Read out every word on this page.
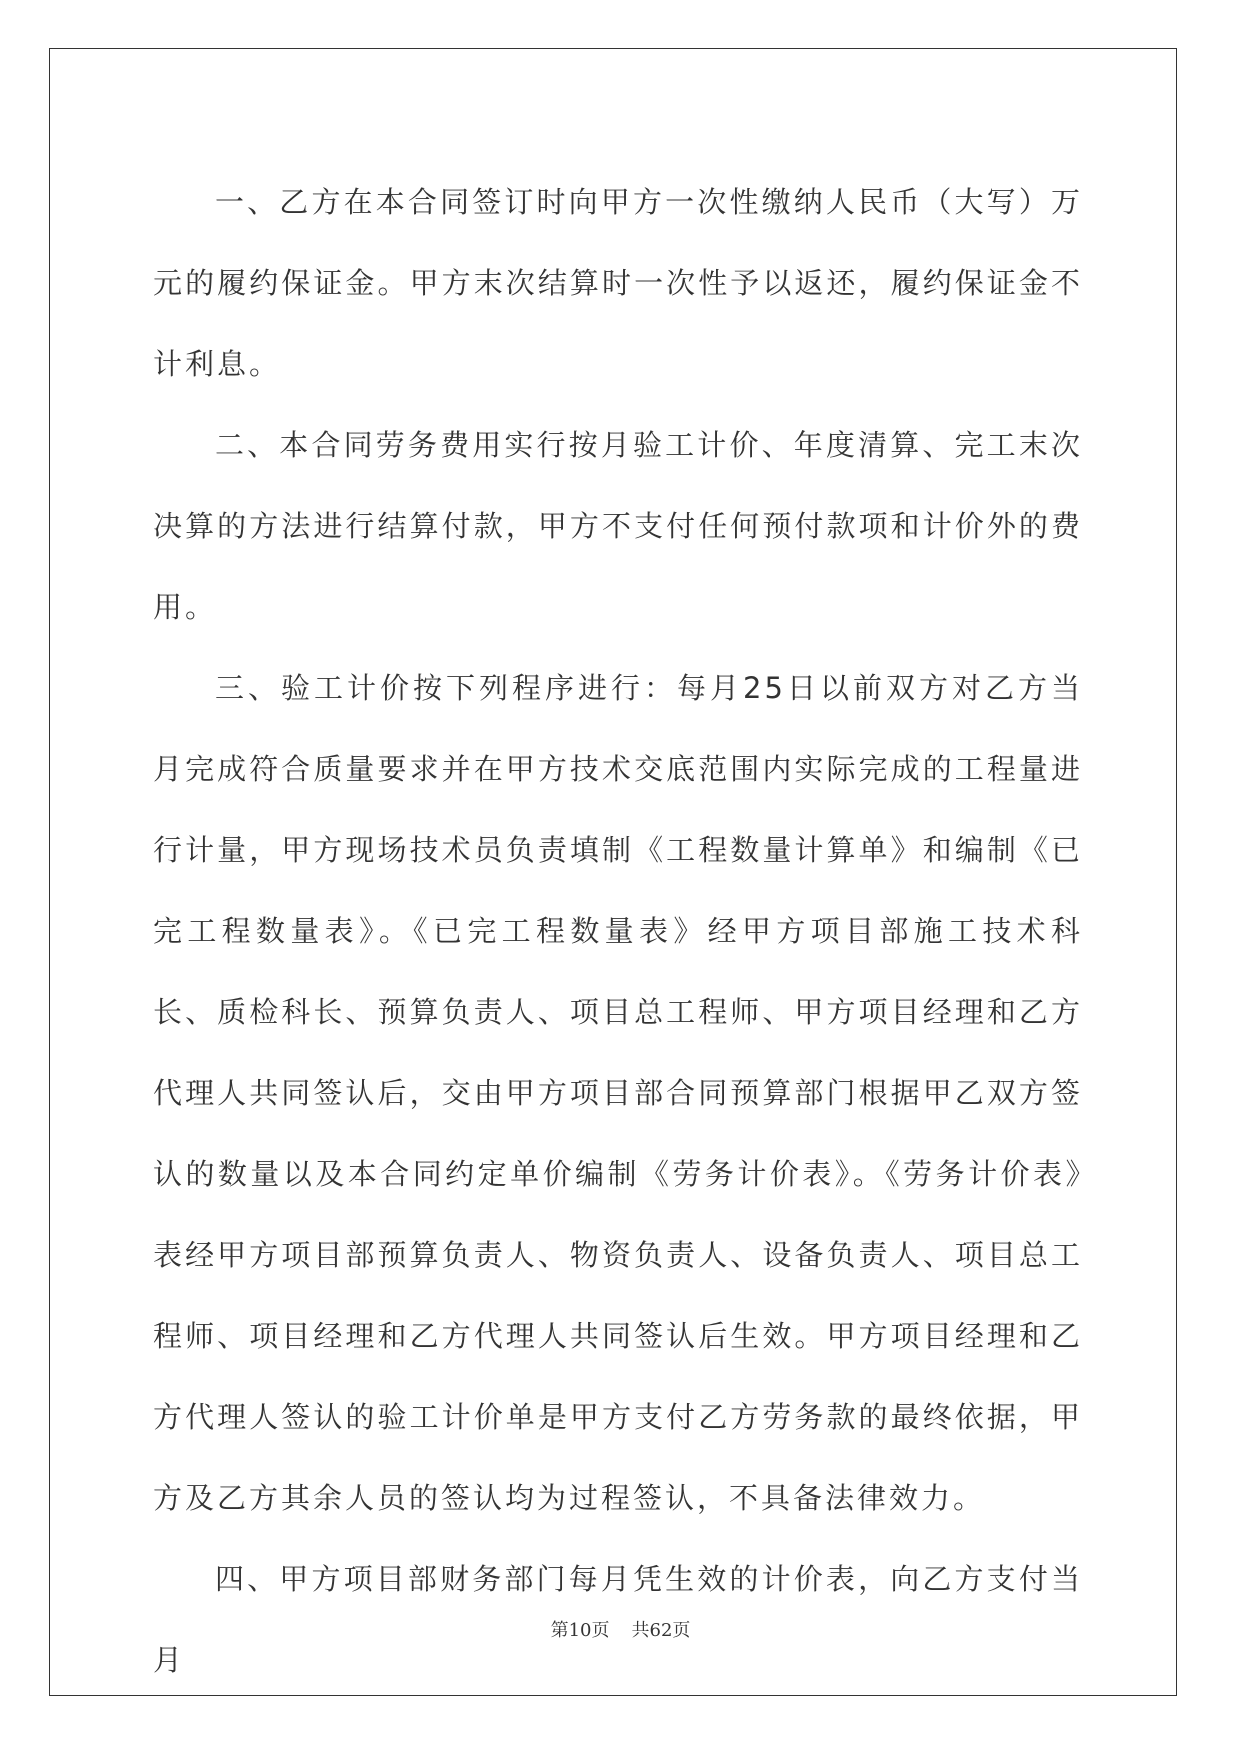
一、乙方在本合同签订时向甲方一次性缴纳人民币（大写）万元的履约保证金。甲方末次结算时一次性予以返还，履约保证金不计利息。

二、本合同劳务费用实行按月验工计价、年度清算、完工末次决算的方法进行结算付款，甲方不支付任何预付款项和计价外的费用。

三、验工计价按下列程序进行：每月25日以前双方对乙方当月完成符合质量要求并在甲方技术交底范围内实际完成的工程量进行计量，甲方现场技术员负责填制《工程数量计算单》和编制《已完工程数量表》。《已完工程数量表》经甲方项目部施工技术科长、质检科长、预算负责人、项目总工程师、甲方项目经理和乙方代理人共同签认后，交由甲方项目部合同预算部门根据甲乙双方签认的数量以及本合同约定单价编制《劳务计价表》。《劳务计价表》表经甲方项目部预算负责人、物资负责人、设备负责人、项目总工程师、项目经理和乙方代理人共同签认后生效。甲方项目经理和乙方代理人签认的验工计价单是甲方支付乙方劳务款的最终依据，甲方及乙方其余人员的签认均为过程签认，不具备法律效力。

四、甲方项目部财务部门每月凭生效的计价表，向乙方支付当月

第10页 共62页
